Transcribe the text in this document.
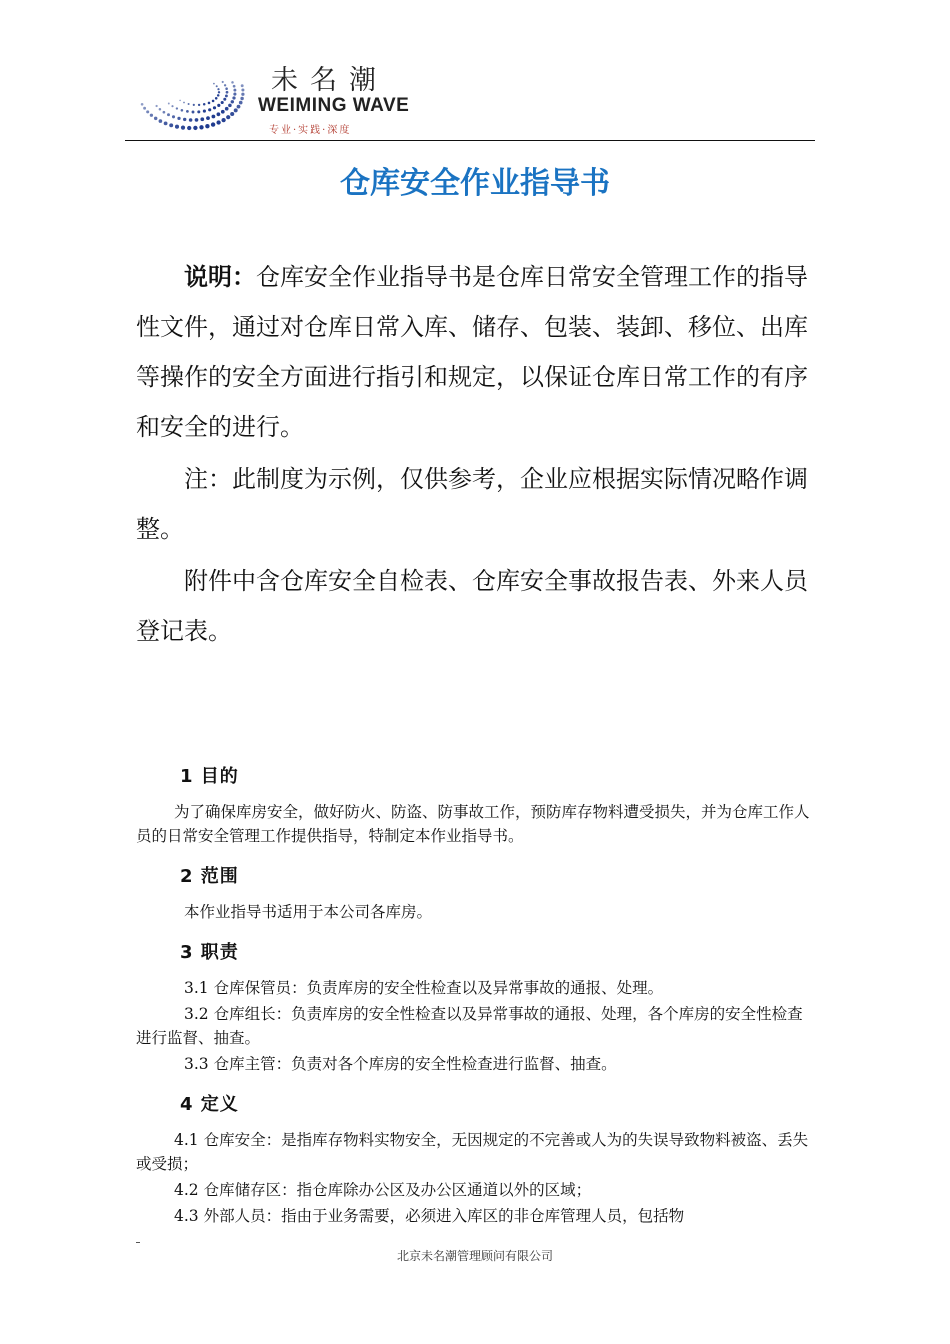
未名潮
WEIMING WAVE
专业·实践·深度
仓库安全作业指导书

说明：仓库安全作业指导书是仓库日常安全管理工作的指导性文件，通过对仓库日常入库、储存、包装、装卸、移位、出库等操作的安全方面进行指引和规定，以保证仓库日常工作的有序和安全的进行。

注：此制度为示例，仅供参考，企业应根据实际情况略作调整。

附件中含仓库安全自检表、仓库安全事故报告表、外来人员登记表。

1 目的

为了确保库房安全，做好防火、防盗、防事故工作，预防库存物料遭受损失，并为仓库工作人员的日常安全管理工作提供指导，特制定本作业指导书。

2 范围

本作业指导书适用于本公司各库房。

3 职责

3.1 仓库保管员：负责库房的安全性检查以及异常事故的通报、处理。

3.2 仓库组长：负责库房的安全性检查以及异常事故的通报、处理，各个库房的安全性检查进行监督、抽查。

3.3 仓库主管：负责对各个库房的安全性检查进行监督、抽查。

4 定义

4.1 仓库安全：是指库存物料实物安全，无因规定的不完善或人为的失误导致物料被盗、丢失或受损；

4.2 仓库储存区：指仓库除办公区及办公区通道以外的区域；

4.3 外部人员：指由于业务需要，必须进入库区的非仓库管理人员，包括物

北京未名潮管理顾问有限公司
